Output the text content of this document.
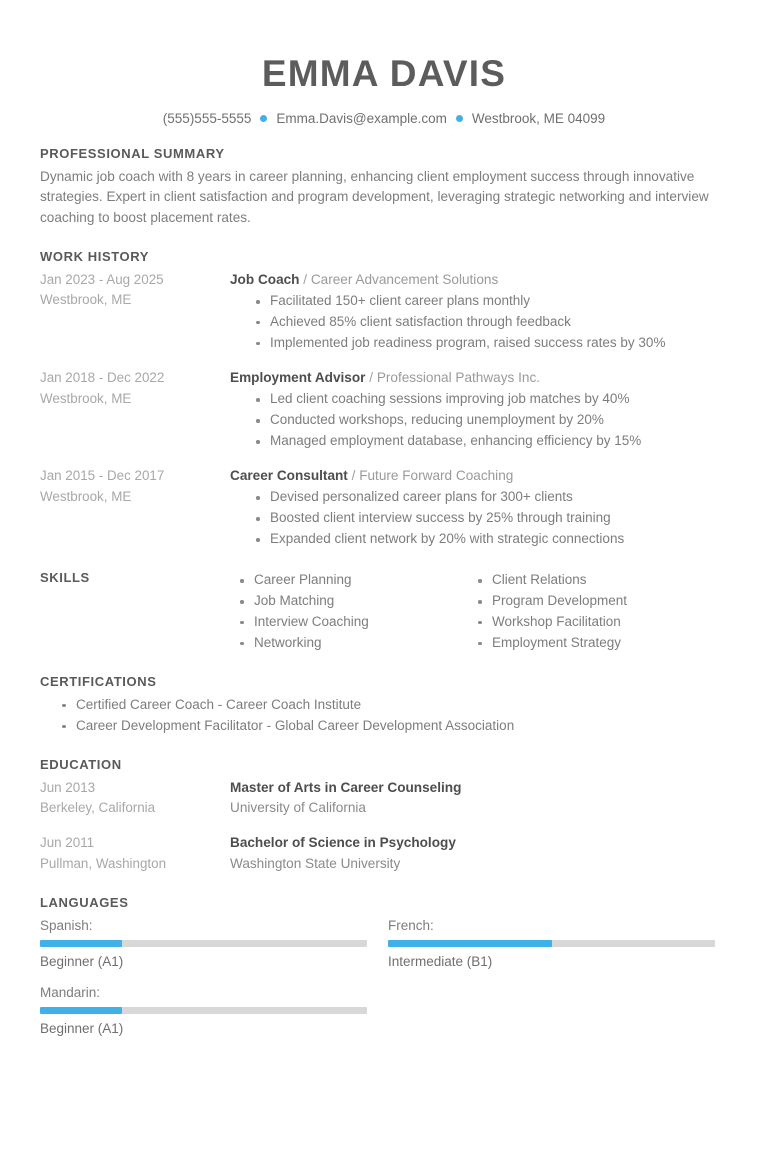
EMMA DAVIS
(555)555-5555 Emma.Davis@example.com Westbrook, ME 04099
PROFESSIONAL SUMMARY

Dynamic job coach with 8 years in career planning, enhancing client employment success through innovative strategies. Expert in client satisfaction and program development, leveraging strategic networking and interview coaching to boost placement rates.

WORK HISTORY
Jan 2023 - Aug 2025
Westbrook, ME
Job Coach / Career Advancement Solutions
Facilitated 150+ client career plans monthly
Achieved 85% client satisfaction through feedback
Implemented job readiness program, raised success rates by 30%
Jan 2018 - Dec 2022
Westbrook, ME
Employment Advisor / Professional Pathways Inc.
Led client coaching sessions improving job matches by 40%
Conducted workshops, reducing unemployment by 20%
Managed employment database, enhancing efficiency by 15%
Jan 2015 - Dec 2017
Westbrook, ME
Career Consultant / Future Forward Coaching
Devised personalized career plans for 300+ clients
Boosted client interview success by 25% through training
Expanded client network by 20% with strategic connections
SKILLS	Career Planning
Job Matching
Interview Coaching
Networking
Client Relations
Program Development
Workshop Facilitation
Employment Strategy
CERTIFICATIONS
Certified Career Coach - Career Coach Institute
Career Development Facilitator - Global Career Development Association
EDUCATION
Jun 2013
Berkeley, California
Master of Arts in Career Counseling
University of California
Jun 2011
Pullman, Washington
Bachelor of Science in Psychology
Washington State University
LANGUAGES
Spanish:
Beginner (A1)
French:
Intermediate (B1)
Mandarin:
Beginner (A1)
